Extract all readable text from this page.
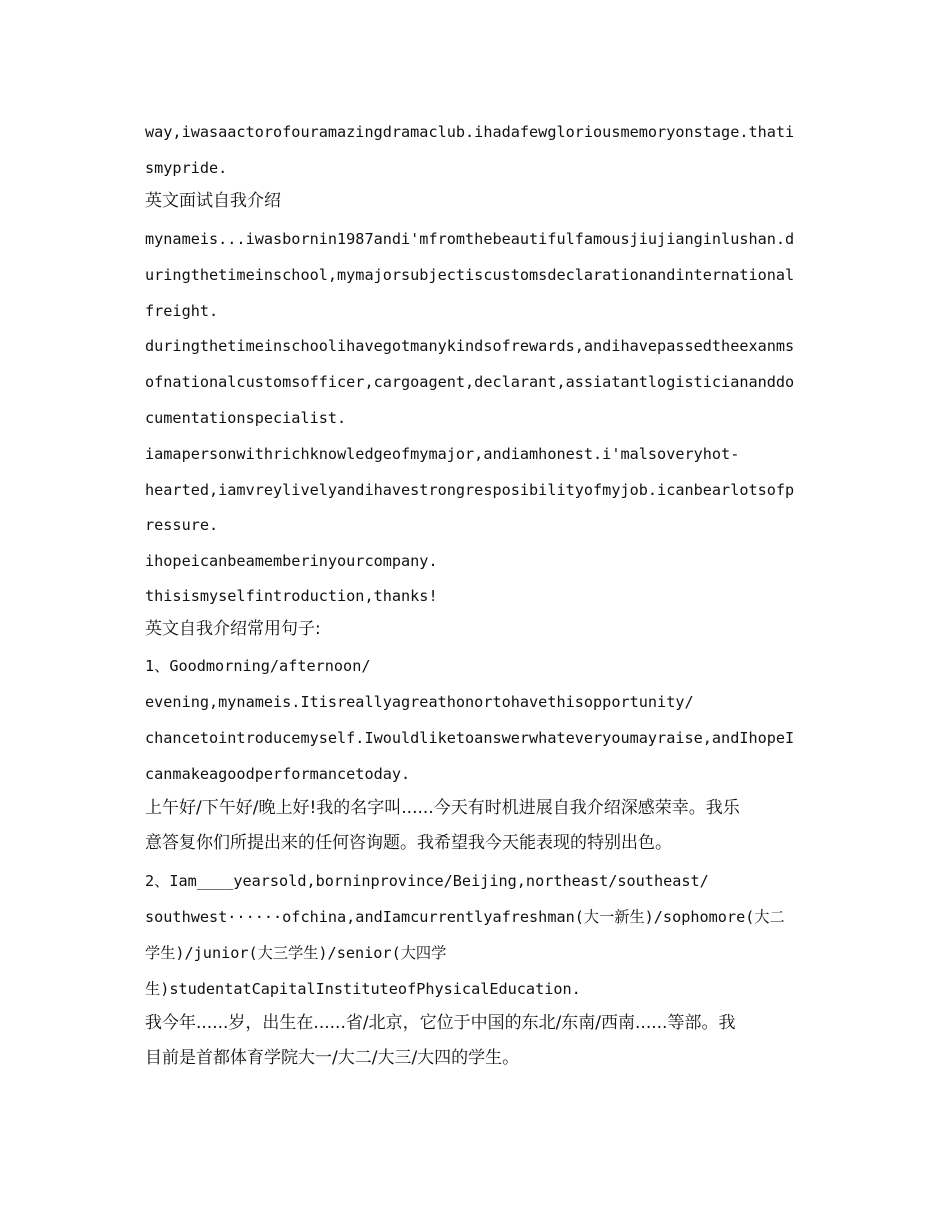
way,iwasaactorofouramazingdramaclub.ihadafewgloriousmemoryonstage.thati
smypride.
英文面试自我介绍
mynameis...iwasbornin1987andi'mfromthebeautifulfamousjiujianginlushan.d
uringthetimeinschool,mymajorsubjectiscustomsdeclarationandinternational
freight.
duringthetimeinschoolihavegotmanykindsofrewards,andihavepassedtheexanms
ofnationalcustomsofficer,cargoagent,declarant,assiatantlogisticiananddo
cumentationspecialist.
iamapersonwithrichknowledgeofmymajor,andiamhonest.i'malsoveryhot-
hearted,iamvreylivelyandihavestrongresposibilityofmyjob.icanbearlotsofp
ressure.
ihopeicanbeamemberinyourcompany.
thisismyselfintroduction,thanks!
英文自我介绍常用句子:
1、Goodmorning/afternoon/
evening,mynameis.Itisreallyagreathonortohavethisopportunity/
chancetointroducemyself.Iwouldliketoanswerwhateveryoumayraise,andIhopeI
canmakeagoodperformancetoday.
上午好/下午好/晚上好!我的名字叫......今天有时机进展自我介绍深感荣幸。我乐
意答复你们所提出来的任何咨询题。我希望我今天能表现的特别出色。
2、Iam____yearsold,borninprovince/Beijing,northeast/southeast/
southwest······ofchina,andIamcurrentlyafreshman(大一新生)/sophomore(大二
学生)/junior(大三学生)/senior(大四学
生)studentatCapitalInstituteofPhysicalEducation.
我今年......岁，出生在......省/北京，它位于中国的东北/东南/西南......等部。我
目前是首都体育学院大一/大二/大三/大四的学生。
